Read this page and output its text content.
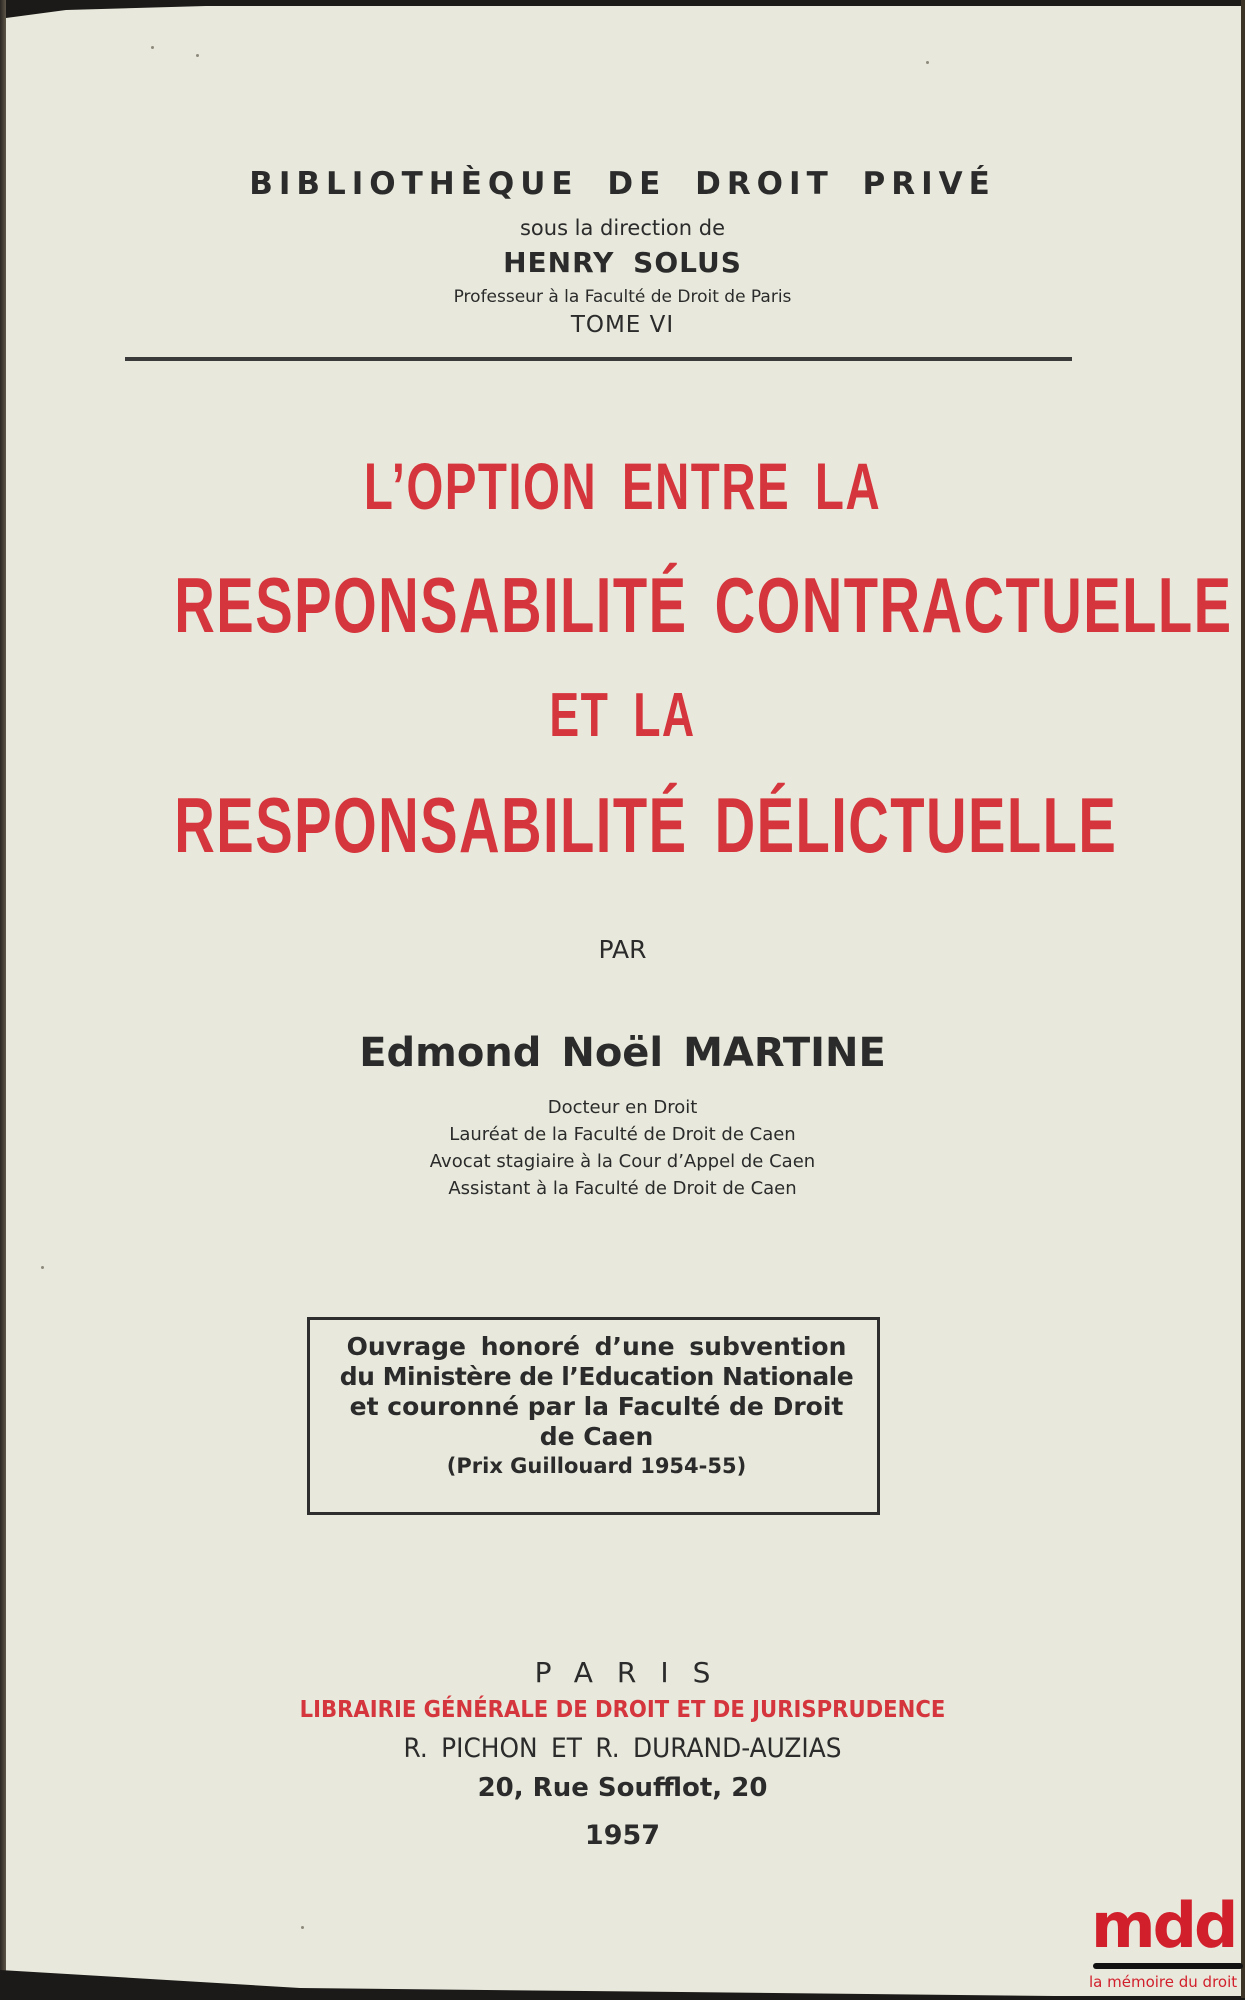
BIBLIOTHÈQUE DE DROIT PRIVÉ
sous la direction de
HENRY SOLUS
Professeur à la Faculté de Droit de Paris
TOME VI
L’OPTION ENTRE LA
RESPONSABILITÉ CONTRACTUELLE
ET LA
RESPONSABILITÉ DÉLICTUELLE
PAR
Edmond Noël MARTINE
Docteur en Droit
Lauréat de la Faculté de Droit de Caen
Avocat stagiaire à la Cour d’Appel de Caen
Assistant à la Faculté de Droit de Caen
Ouvrage honoré d’une subvention
du Ministère de l’Education Nationale
et couronné par la Faculté de Droit
de Caen
(Prix Guillouard 1954-55)
PARIS
LIBRAIRIE GÉNÉRALE DE DROIT ET DE JURISPRUDENCE
R. PICHON ET R. DURAND-AUZIAS
20, Rue Soufflot, 20
1957
mdd
la mémoire du droit
